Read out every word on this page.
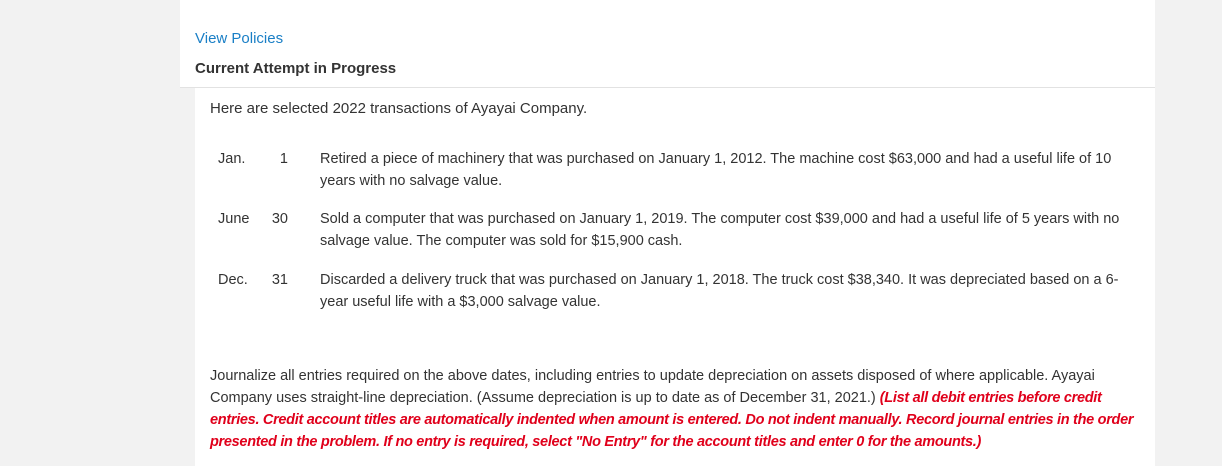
View Policies
Current Attempt in Progress
Here are selected 2022 transactions of Ayayai Company.
Jan.	1 Retired a piece of machinery that was purchased on January 1, 2012. The machine cost $63,000 and had a useful life of 10 years with no salvage value.
June	30 Sold a computer that was purchased on January 1, 2019. The computer cost $39,000 and had a useful life of 5 years with no salvage value. The computer was sold for $15,900 cash.
Dec.	31 Discarded a delivery truck that was purchased on January 1, 2018. The truck cost $38,340. It was depreciated based on a 6-year useful life with a $3,000 salvage value.
Journalize all entries required on the above dates, including entries to update depreciation on assets disposed of where applicable. Ayayai Company uses straight-line depreciation. (Assume depreciation is up to date as of December 31, 2021.) (List all debit entries before credit entries. Credit account titles are automatically indented when amount is entered. Do not indent manually. Record journal entries in the order presented in the problem. If no entry is required, select "No Entry" for the account titles and enter 0 for the amounts.)
